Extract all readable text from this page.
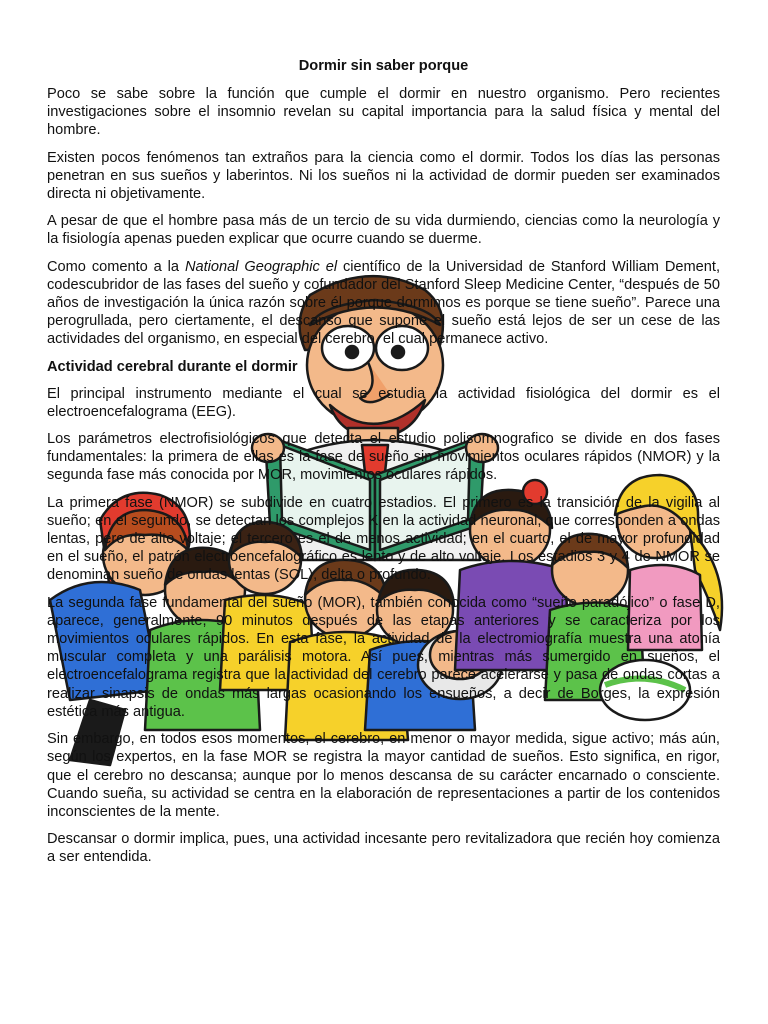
Dormir sin saber porque

Poco se sabe sobre la función que cumple el dormir en nuestro organismo. Pero recientes investigaciones sobre el insomnio revelan su capital importancia para la salud física y mental del hombre.

Existen pocos fenómenos tan extraños para la ciencia como el dormir. Todos los días las personas penetran en sus sueños y laberintos. Ni los sueños ni la actividad de dormir pueden ser examinados directa ni objetivamente.

A pesar de que el hombre pasa más de un tercio de su vida durmiendo, ciencias como la neurología y la fisiología apenas pueden explicar que ocurre cuando se duerme.

Como comento a la National Geographic el científico de la Universidad de Stanford William Dement, codescubridor de las fases del sueño y cofundador del Stanford Sleep Medicine Center, “después de 50 años de investigación la única razón sobre él porque dormimos es porque se tiene sueño”. Parece una perogrullada, pero ciertamente, el descanso que supone el sueño está lejos de ser un cese de las actividades del organismo, en especial del cerebro, el cual permanece activo.

Actividad cerebral durante el dormir

El principal instrumento mediante el cual se estudia la actividad fisiológica del dormir es el electroencefalograma (EEG).

Los parámetros electrofisiológicos que detecta el estudio polisomnografico se divide en dos fases fundamentales: la primera de ellas es la fase de sueño sin movimientos oculares rápidos (NMOR) y la segunda fase más conocida por MOR, movimientos oculares rápidos.

La primera fase (NMOR) se subdivide en cuatro estadios. El primero es la transición de la vigilia al sueño; en el segundo, se detectan los complejos K en la actividad neuronal, que corresponden a ondas lentas, pero de alto voltaje; el tercero es el de menos actividad; en el cuarto, el de mayor profundidad en el sueño, el patrón electroencefalográfico es lento y de alto voltaje. Los estadios 3 y 4 de NMOR se denominan sueño de ondas lentas (SOL), delta o profundo.

La segunda fase fundamental del sueño (MOR), también conocida como “sueño paradójico” o fase D, aparece, generalmente, 90 minutos después de las etapas anteriores y se caracteriza por los movimientos oculares rápidos. En esta fase, la actividad de la electromiografía muestra una atonía muscular completa y una parálisis motora. Así pues, mientras más sumergido en sueños, el electroencefalograma registra que la actividad del cerebro parece acelerarse y pasa de ondas cortas a realizar sinapsis de ondas más largas ocasionando los ensueños, a decir de Borges, la expresión estética más antigua.

Sin embargo, en todos esos momentos, el cerebro, en menor o mayor medida, sigue activo; más aún, según los expertos, en la fase MOR se registra la mayor cantidad de sueños. Esto significa, en rigor, que el cerebro no descansa; aunque por lo menos descansa de su carácter encarnado o consciente. Cuando sueña, su actividad se centra en la elaboración de representaciones a partir de los contenidos inconscientes de la mente.

Descansar o dormir implica, pues, una actividad incesante pero revitalizadora que recién hoy comienza a ser entendida.
